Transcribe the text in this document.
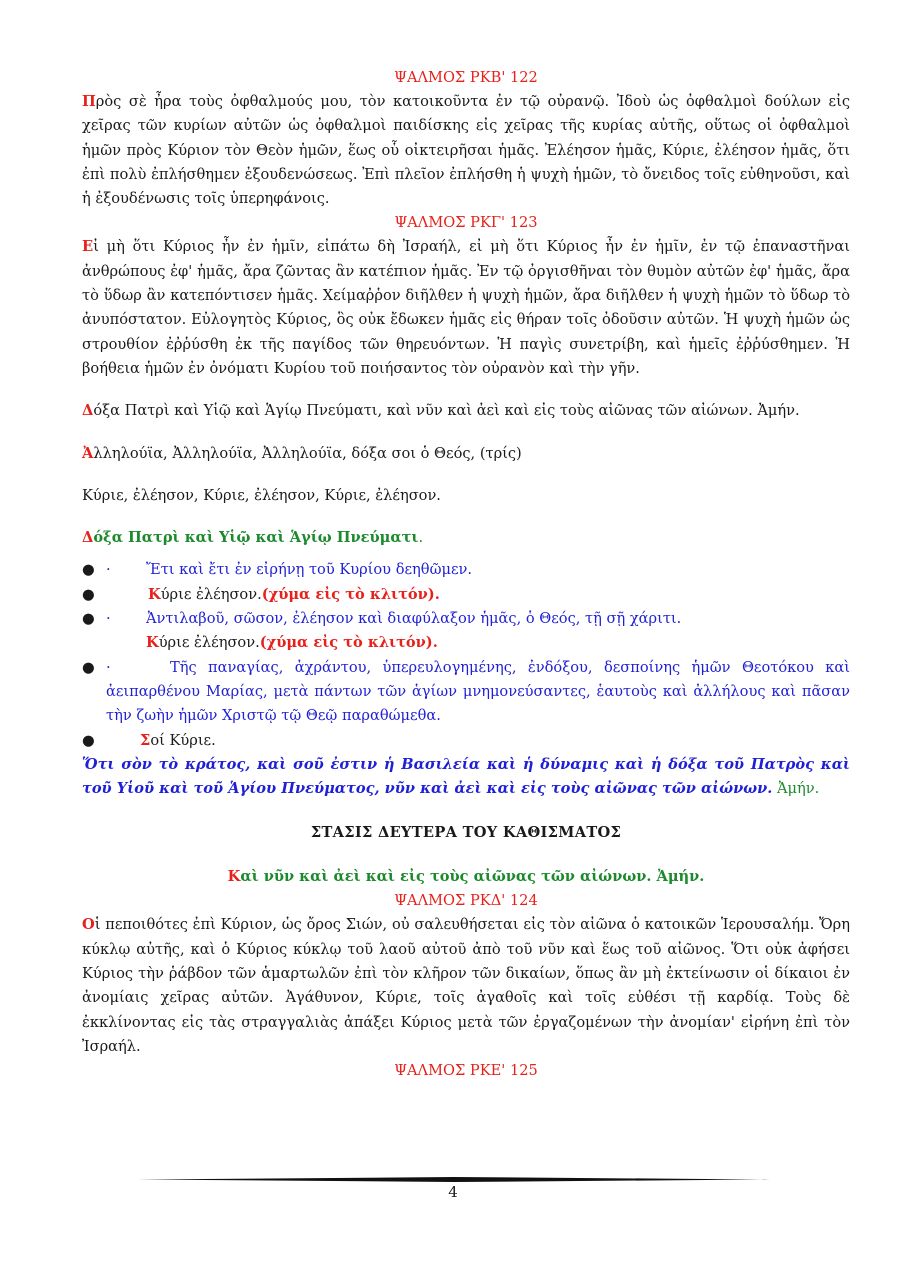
ΨΑΛΜΟΣ ΡΚΒ' 122

Πρὸς σὲ ἦρα τοὺς ὀφθαλμούς μου, τὸν κατοικοῦντα ἐν τῷ οὐρανῷ. Ἰδοὺ ὡς ὀφθαλμοὶ δούλων εἰς χεῖρας τῶν κυρίων αὐτῶν ὡς ὀφθαλμοὶ παιδίσκης εἰς χεῖρας τῆς κυρίας αὐτῆς, οὕτως οἱ ὀφθαλμοὶ ἡμῶν πρὸς Κύριον τὸν Θεὸν ἡμῶν, ἕως οὗ οἰκτειρῆσαι ἡμᾶς. Ἐλέησον ἡμᾶς, Κύριε, ἐλέησον ἡμᾶς, ὅτι ἐπὶ πολὺ ἐπλήσθημεν ἐξουδενώσεως. Ἐπὶ πλεῖον ἐπλήσθη ἡ ψυχὴ ἡμῶν, τὸ ὄνειδος τοῖς εὐθηνοῦσι, καὶ ἡ ἐξουδένωσις τοῖς ὑπερηφάνοις.

ΨΑΛΜΟΣ ΡΚΓ' 123

Εἰ μὴ ὅτι Κύριος ἦν ἐν ἡμῖν, εἰπάτω δὴ Ἰσραήλ, εἰ μὴ ὅτι Κύριος ἦν ἐν ἡμῖν, ἐν τῷ ἐπαναστῆναι ἀνθρώπους ἐφ' ἡμᾶς, ἄρα ζῶντας ἂν κατέπιον ἡμᾶς. Ἐν τῷ ὀργισθῆναι τὸν θυμὸν αὐτῶν ἐφ' ἡμᾶς, ἄρα τὸ ὕδωρ ἂν κατεπόντισεν ἡμᾶς. Χείμαῤῥον διῆλθεν ἡ ψυχὴ ἡμῶν, ἄρα διῆλθεν ἡ ψυχὴ ἡμῶν τὸ ὕδωρ τὸ ἀνυπόστατον. Εὐλογητὸς Κύριος, ὃς οὐκ ἔδωκεν ἡμᾶς εἰς θήραν τοῖς ὀδοῦσιν αὐτῶν. Ἡ ψυχὴ ἡμῶν ὡς στρουθίον ἐῤῥύσθη ἐκ τῆς παγίδος τῶν θηρευόντων. Ἡ παγὶς συνετρίβη, καὶ ἡμεῖς ἐῤῥύσθημεν. Ἡ βοήθεια ἡμῶν ἐν ὀνόματι Κυρίου τοῦ ποιήσαντος τὸν οὐρανὸν καὶ τὴν γῆν.

Δόξα Πατρὶ καὶ Υἱῷ καὶ Ἁγίῳ Πνεύματι, καὶ νῦν καὶ ἀεὶ καὶ εἰς τοὺς αἰῶνας τῶν αἰώνων. Ἀμήν.

Ἀλληλούϊα, Ἀλληλούϊα, Ἀλληλούϊα, δόξα σοι ὁ Θεός, (τρίς)

Κύριε, ἐλέησον, Κύριε, ἐλέησον, Κύριε, ἐλέησον.

Δόξα Πατρὶ καὶ Υἱῷ καὶ Ἁγίῳ Πνεύματι.

● · Ἔτι καὶ ἔτι ἐν εἰρήνῃ τοῦ Κυρίου δεηθῶμεν.
●	Κύριε ἐλέησον.(χύμα εἰς τὸ κλιτόν).
● · Ἀντιλαβοῦ, σῶσον, ἐλέησον καὶ διαφύλαξον ἡμᾶς, ὁ Θεός, τῇ σῇ χάριτι.
Κύριε ἐλέησον.(χύμα εἰς τὸ κλιτόν).
● ·	Τῆς παναγίας, ἀχράντου, ὑπερευλογημένης, ἐνδόξου, δεσποίνης ἡμῶν Θεοτόκου καὶ ἀειπαρθένου Μαρίας, μετὰ πάντων τῶν ἁγίων μνημονεύσαντες, ἑαυτοὺς καὶ ἀλλήλους καὶ πᾶσαν τὴν ζωὴν ἡμῶν Χριστῷ τῷ Θεῷ παραθώμεθα.
●	Σοί Κύριε.

Ὅτι σὸν τὸ κράτος, καὶ σοῦ ἐστιν ἡ Βασιλεία καὶ ἡ δύναμις καὶ ἡ δόξα τοῦ Πατρὸς καὶ τοῦ Υἱοῦ καὶ τοῦ Ἁγίου Πνεύματος, νῦν καὶ ἀεὶ καὶ εἰς τοὺς αἰῶνας τῶν αἰώνων. Ἀμήν.

ΣΤΑΣΙΣ ΔΕΥΤΕΡΑ ΤΟΥ ΚΑΘΙΣΜΑΤΟΣ

Καὶ νῦν καὶ ἀεὶ καὶ εἰς τοὺς αἰῶνας τῶν αἰώνων. Ἀμήν.

ΨΑΛΜΟΣ ΡΚΔ' 124

Οἱ πεποιθότες ἐπὶ Κύριον, ὡς ὄρος Σιών, οὐ σαλευθήσεται εἰς τὸν αἰῶνα ὁ κατοικῶν Ἱερουσαλήμ. Ὄρη κύκλῳ αὐτῆς, καὶ ὁ Κύριος κύκλῳ τοῦ λαοῦ αὐτοῦ ἀπὸ τοῦ νῦν καὶ ἕως τοῦ αἰῶνος. Ὅτι οὐκ ἀφήσει Κύριος τὴν ῥάβδον τῶν ἁμαρτωλῶν ἐπὶ τὸν κλῆρον τῶν δικαίων, ὅπως ἂν μὴ ἐκτείνωσιν οἱ δίκαιοι ἐν ἀνομίαις χεῖρας αὐτῶν. Ἀγάθυνον, Κύριε, τοῖς ἀγαθοῖς καὶ τοῖς εὐθέσι τῇ καρδίᾳ. Τοὺς δὲ ἐκκλίνοντας εἰς τὰς στραγγαλιὰς ἀπάξει Κύριος μετὰ τῶν ἐργαζομένων τὴν ἀνομίαν' εἰρήνη ἐπὶ τὸν Ἰσραήλ.

ΨΑΛΜΟΣ ΡΚΕ' 125

4
